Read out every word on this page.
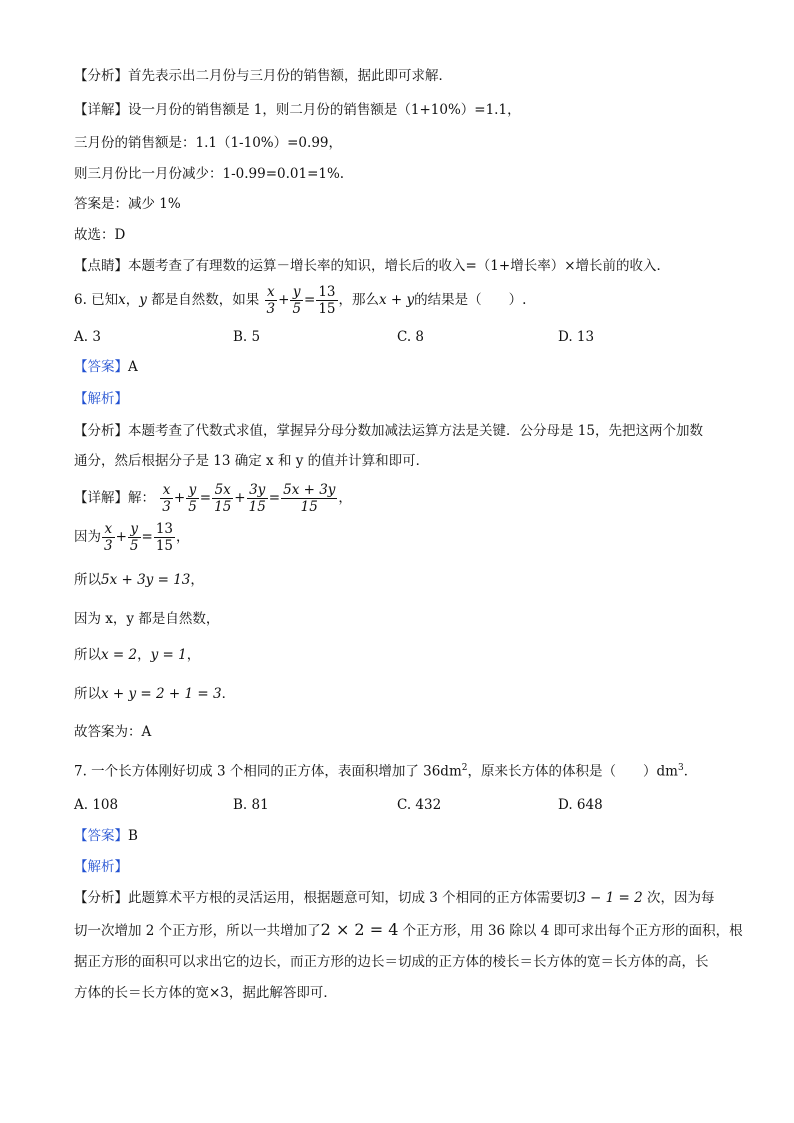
【分析】首先表示出二月份与三月份的销售额，据此即可求解．
【详解】设一月份的销售额是 1，则二月份的销售额是（1+10%）=1.1，
三月份的销售额是：1.1（1-10%）=0.99，
则三月份比一月份减少：1-0.99=0.01=1%.
答案是：减少 1%
故选：D
【点睛】本题考查了有理数的运算－增长率的知识，增长后的收入=（1+增长率）×增长前的收入．
6. 已知x，y 都是自然数，如果 $\frac{x}{3} + \frac{y}{5} = \frac{13}{15}$ ，那么x + y的结果是（　　）.
A. 3	B. 5	C. 8	D. 13
【答案】A
【解析】
【分析】本题考查了代数式求值，掌握异分母分数加减法运算方法是关键．公分母是 15，先把这两个加数
通分，然后根据分子是 13 确定 x 和 y 的值并计算和即可．
【详解】解： $\frac{x}{3} + \frac{y}{5} = \frac{5x}{15} + \frac{3y}{15} = \frac{5x + 3y}{15}$ ，
因为 $\frac{x}{3} + \frac{y}{5} = \frac{13}{15}$ ，
所以5x + 3y = 13，
因为 x，y 都是自然数，
所以x = 2，y = 1，
所以x + y = 2 + 1 = 3．
故答案为：A
7. 一个长方体刚好切成 3 个相同的正方体，表面积增加了 $36dm^2$，原来长方体的体积是（　　）$dm^3$．
A. 108	B. 81	C. 432	D. 648
【答案】B
【解析】
【分析】此题算术平方根的灵活运用，根据题意可知，切成 3 个相同的正方体需要切3 − 1 = 2 次，因为每
切一次增加 2 个正方形，所以一共增加了2 × 2 = 4 个正方形，用 36 除以 4 即可求出每个正方形的面积，根
据正方形的面积可以求出它的边长，而正方形的边长＝切成的正方体的棱长＝长方体的宽＝长方体的高，长
方体的长＝长方体的宽×3，据此解答即可．
